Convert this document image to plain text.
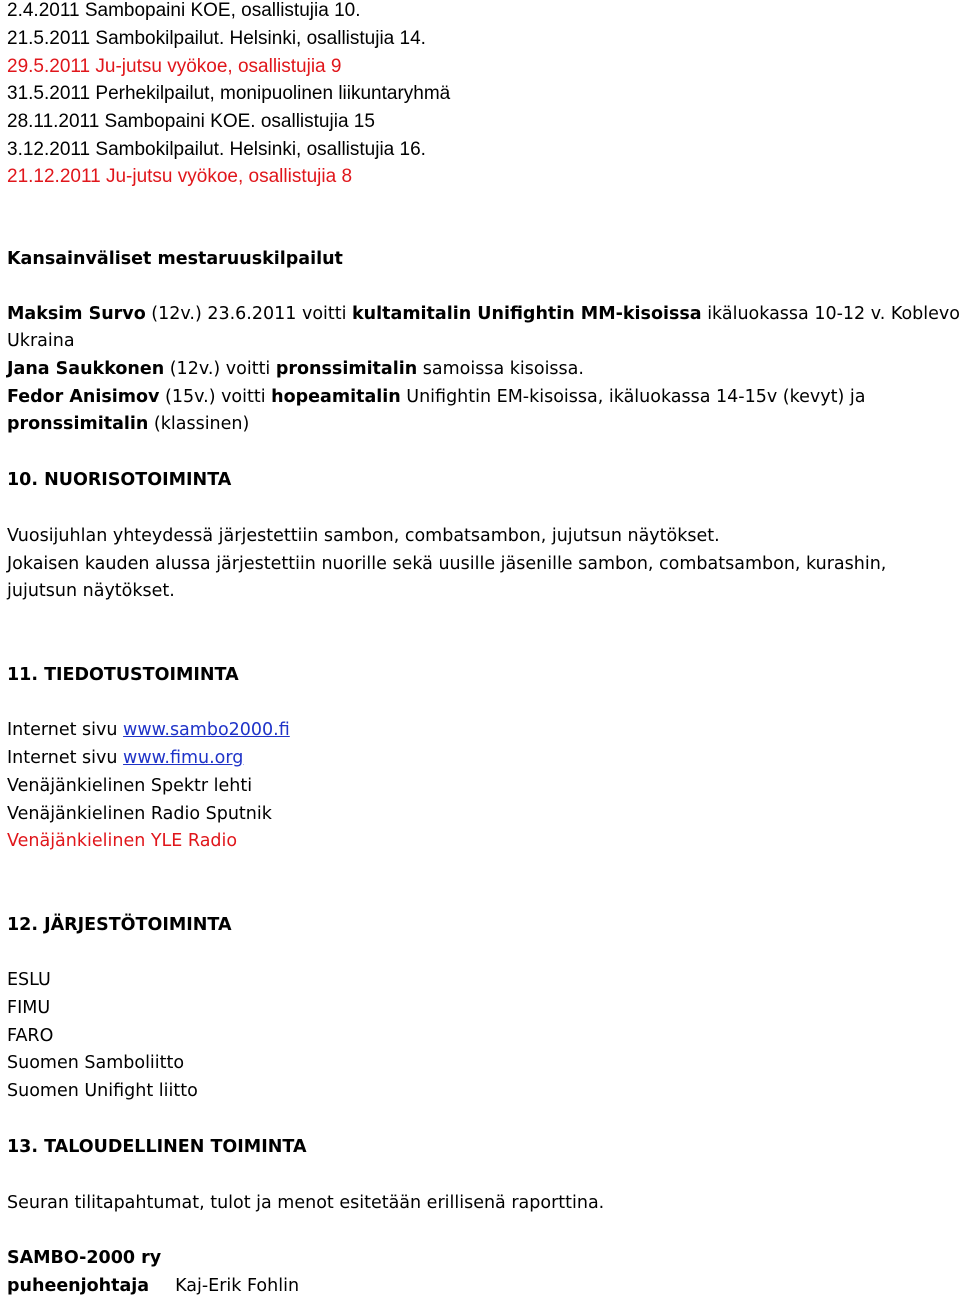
2.4.2011 Sambopaini KOE, osallistujia 10.
21.5.2011 Sambokilpailut. Helsinki, osallistujia 14.
29.5.2011 Ju-jutsu vyökoe, osallistujia 9
31.5.2011 Perhekilpailut, monipuolinen liikuntaryhmä
28.11.2011 Sambopaini KOE. osallistujia 15
3.12.2011 Sambokilpailut. Helsinki, osallistujia 16.
21.12.2011 Ju-jutsu vyökoe, osallistujia 8
Kansainväliset mestaruuskilpailut
Maksim Survo (12v.) 23.6.2011 voitti kultamitalin Unifightin MM-kisoissa ikäluokassa 10-12 v. Koblevo
Ukraina
Jana Saukkonen (12v.) voitti pronssimitalin samoissa kisoissa.
Fedor Anisimov (15v.) voitti hopeamitalin Unifightin EM-kisoissa, ikäluokassa 14-15v (kevyt) ja
pronssimitalin (klassinen)
10. NUORISOTOIMINTA
Vuosijuhlan yhteydessä järjestettiin sambon, combatsambon, jujutsun näytökset.
Jokaisen kauden alussa järjestettiin nuorille sekä uusille jäsenille sambon, combatsambon, kurashin,
jujutsun näytökset.
11. TIEDOTUSTOIMINTA
Internet sivu www.sambo2000.fi
Internet sivu www.fimu.org
Venäjänkielinen Spektr lehti
Venäjänkielinen Radio Sputnik
Venäjänkielinen YLE Radio
12. JÄRJESTÖTOIMINTA
ESLU
FIMU
FARO
Suomen Samboliitto
Suomen Unifight liitto
13. TALOUDELLINEN TOIMINTA
Seuran tilitapahtumat, tulot ja menot esitetään erillisenä raporttina.
SAMBO-2000 ry
puheenjohtaja Kaj-Erik Fohlin
